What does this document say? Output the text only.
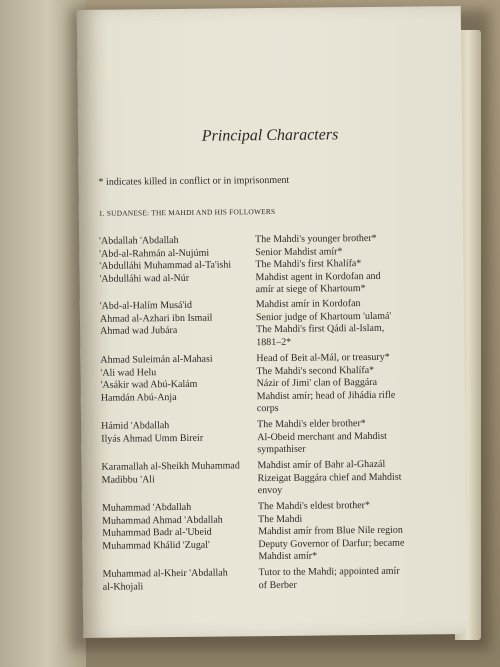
Principal Characters
* indicates killed in conflict or in imprisonment
1. SUDANESE: THE MAHDI AND HIS FOLLOWERS
'Abdallah 'Abdallah	The Mahdi's younger brother*
'Abd-al-Rahmán al-Nujúmi	Senior Mahdist amír*
'Abdulláhi Muhammad al-Ta'ishi	The Mahdi's first Khalífa*
'Abdulláhi wad al-Núr	Mahdist agent in Kordofan and
amír at siege of Khartoum*
'Abd-al-Halím Musá'id	Mahdist amír in Kordofan
Ahmad al-Azhari ibn Ismail	Senior judge of Khartoum 'ulamá'
Ahmad wad Jubára	The Mahdi's first Qádi al-Islam,
1881–2*
Ahmad Suleimán al-Mahasi	Head of Beit al-Mál, or treasury*
'Ali wad Helu	The Mahdi's second Khalífa*
'Asákir wad Abú-Kalám	Názir of Jimi' clan of Baggára
Hamdán Abú-Anja	Mahdist amír; head of Jihádia rifle
corps
Hámid 'Abdallah	The Mahdi's elder brother*
Ilyás Ahmad Umm Bireir	Al-Obeid merchant and Mahdist
sympathiser
Karamallah al-Sheikh Muhammad	Mahdist amír of Bahr al-Ghazál
Madibbu 'Ali	Rizeigat Baggára chief and Mahdist
envoy
Muhammad 'Abdallah	The Mahdi's eldest brother*
Muhammad Ahmad 'Abdallah	The Mahdi
Muhammad Badr al-'Ubeid	Mahdist amír from Blue Nile region
Muhammad Khálid 'Zugal'	Deputy Governor of Darfur; became
Mahdist amír*
Muhammad al-Kheir 'Abdallah	Tutor to the Mahdi; appointed amír
al-Khojali	of Berber
